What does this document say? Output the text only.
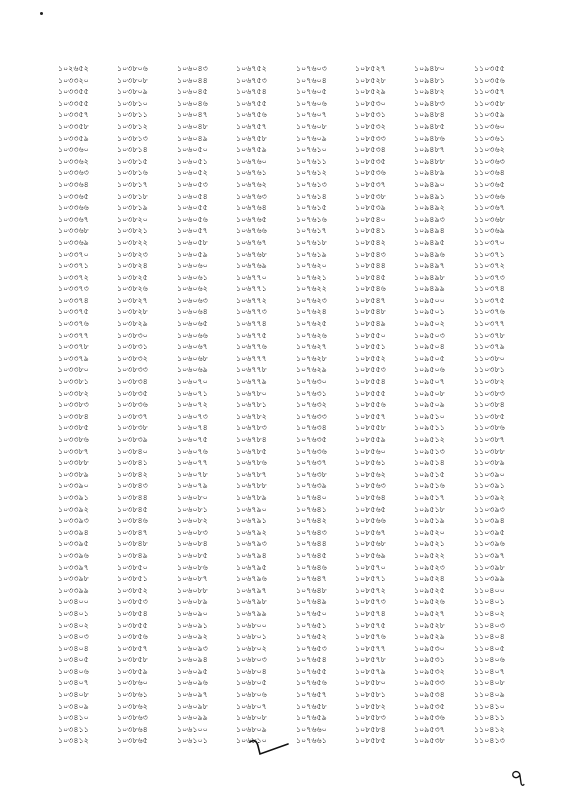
১০২৬৫২
১০৩৩২০
১০৩৩৫৫
১০৩৩৫৫
১০৩৩৫৭
১০৩৩৫৮
১০৩৩৫৯
১০৩৩৬০
১০৩৩৬২
১০৩৩৬৩
১০৩৩৬৪
১০৩৩৬৫
১০৩৩৬৬
১০৩৩৬৭
১০৩৩৬৮
১০৩৩৬৯
১০৩৩৭০
১০৩৩৭১
১০৩৩৭২
১০৩৩৭৩
১০৩৩৭৪
১০৩৩৭৫
১০৩৩৭৬
১০৩৩৭৭
১০৩৩৭৮
১০৩৩৭৯
১০৩৩৮০
১০৩৩৮১
১০৩৩৮২
১০৩৩৮৩
১০৩৩৮৪
১০৩৩৮৫
১০৩৩৮৬
১০৩৩৮৭
১০৩৩৮৮
১০৩৩৮৯
১০৩৩৯০
১০৩৩৯১
১০৩৩৯২
১০৩৩৯৩
১০৩৩৯৪
১০৩৩৯৫
১০৩৩৯৬
১০৩৩৯৭
১০৩৩৯৮
১০৩৩৯৯
১০৩৪০০
১০৩৪০১
১০৩৪০২
১০৩৪০৩
১০৩৪০৪
১০৩৪০৫
১০৩৪০৬
১০৩৪০৭
১০৩৪০৮
১০৩৪০৯
১০৩৪১০
১০৩৪১১
১০৩৪১২
১০৩৮০৬
১০৩৮০৮
১০৩৮০৯
১০৩৮১০
১০৩৮১১
১০৩৮১২
১০৩৮১৩
১০৩৮১৪
১০৩৮১৫
১০৩৮১৬
১০৩৮১৭
১০৩৮১৮
১০৩৮১৯
১০৩৮২০
১০৩৮২১
১০৩৮২২
১০৩৮২৩
১০৩৮২৪
১০৩৮২৫
১০৩৮২৬
১০৩৮২৭
১০৩৮২৮
১০৩৮২৯
১০৩৮৩০
১০৩৮৩১
১০৩৮৩২
১০৩৮৩৩
১০৩৮৩৪
১০৩৮৩৫
১০৩৮৩৬
১০৩৮৩৭
১০৩৮৩৮
১০৩৮৩৯
১০৩৮৪০
১০৩৮৪১
১০৩৮৪২
১০৩৮৪৩
১০৩৮৪৪
১০৩৮৪৫
১০৩৮৪৬
১০৩৮৪৭
১০৩৮৪৮
১০৩৮৪৯
১০৩৮৫০
১০৩৮৫১
১০৩৮৫২
১০৩৮৫৩
১০৩৮৫৪
১০৩৮৫৫
১০৩৮৫৬
১০৩৮৫৭
১০৩৮৫৮
১০৩৮৫৯
১০৩৮৬০
১০৩৮৬১
১০৩৮৬২
১০৩৮৬৩
১০৩৮৬৪
১০৩৮৬৫
১০৬০৪৩
১০৬০৪৪
১০৬০৪৫
১০৬০৪৬
১০৬০৪৭
১০৬০৪৮
১০৬০৪৯
১০৬০৫০
১০৬০৫১
১০৬০৫২
১০৬০৫৩
১০৬০৫৪
১০৬০৫৫
১০৬০৫৬
১০৬০৫৭
১০৬০৫৮
১০৬০৫৯
১০৬০৬০
১০৬০৬১
১০৬০৬২
১০৬০৬৩
১০৬০৬৪
১০৬০৬৫
১০৬০৬৬
১০৬০৬৭
১০৬০৬৮
১০৬০৬৯
১০৬০৭০
১০৬০৭১
১০৬০৭২
১০৬০৭৩
১০৬০৭৪
১০৬০৭৫
১০৬০৭৬
১০৬০৭৭
১০৬০৭৮
১০৬০৭৯
১০৬০৮০
১০৬০৮১
১০৬০৮২
১০৬০৮৩
১০৬০৮৪
১০৬০৮৫
১০৬০৮৬
১০৬০৮৭
১০৬০৮৮
১০৬০৮৯
১০৬০৯০
১০৬০৯১
১০৬০৯২
১০৬০৯৩
১০৬০৯৪
১০৬০৯৫
১০৬০৯৬
১০৬০৯৭
১০৬০৯৮
১০৬০৯৯
১০৬১০০
১০৬১০১
১০৬৭৫২
১০৬৭৫৩
১০৬৭৫৪
১০৬৭৫৫
১০৬৭৫৬
১০৬৭৫৭
১০৬৭৫৮
১০৬৭৫৯
১০৬৭৬০
১০৬৭৬১
১০৬৭৬২
১০৬৭৬৩
১০৬৭৬৪
১০৬৭৬৫
১০৬৭৬৬
১০৬৭৬৭
১০৬৭৬৮
১০৬৭৬৯
১০৬৭৭০
১০৬৭৭১
১০৬৭৭২
১০৬৭৭৩
১০৬৭৭৪
১০৬৭৭৫
১০৬৭৭৬
১০৬৭৭৭
১০৬৭৭৮
১০৬৭৭৯
১০৬৭৮০
১০৬৭৮১
১০৬৭৮২
১০৬৭৮৩
১০৬৭৮৪
১০৬৭৮৫
১০৬৭৮৬
১০৬৭৮৭
১০৬৭৮৮
১০৬৭৮৯
১০৬৭৯০
১০৬৭৯১
১০৬৭৯২
১০৬৭৯৩
১০৬৭৯৪
১০৬৭৯৫
১০৬৭৯৬
১০৬৭৯৭
১০৬৭৯৮
১০৬৭৯৯
১০৬৮০০
১০৬৮০১
১০৬৮০২
১০৬৮০৩
১০৬৮০৪
১০৬৮০৫
১০৬৮০৬
১০৬৮০৭
১০৬৮০৮
১০৬৮০৯
১০৬৮১০
১০৭৬০৩
১০৭৬০৪
১০৭৬০৫
১০৭৬০৬
১০৭৬০৭
১০৭৬০৮
১০৭৬০৯
১০৭৬১০
১০৭৬১১
১০৭৬১২
১০৭৬১৩
১০৭৬১৪
১০৭৬১৫
১০৭৬১৬
১০৭৬১৭
১০৭৬১৮
১০৭৬১৯
১০৭৬২০
১০৭৬২১
১০৭৬২২
১০৭৬২৩
১০৭৬২৪
১০৭৬২৫
১০৭৬২৬
১০৭৬২৭
১০৭৬২৮
১০৭৬২৯
১০৭৬৩০
১০৭৬৩১
১০৭৬৩২
১০৭৬৩৩
১০৭৬৩৪
১০৭৬৩৫
১০৭৬৩৬
১০৭৬৩৭
১০৭৬৩৮
১০৭৬৩৯
১০৭৬৪০
১০৭৬৪১
১০৭৬৪২
১০৭৬৪৩
১০৭৬৪৪
১০৭৬৪৫
১০৭৬৪৬
১০৭৬৪৭
১০৭৬৪৮
১০৭৬৪৯
১০৭৬৫০
১০৭৬৫১
১০৭৬৫২
১০৭৬৫৩
১০৭৬৫৪
১০৭৬৫৫
১০৭৬৫৬
১০৭৬৫৭
১০৭৬৫৮
১০৭৬৫৯
১০৭৬৬০
১০৭৬৬১
১০৮৫২৭
১০৮৫২৮
১০৮৫২৯
১০৮৫৩০
১০৮৫৩১
১০৮৫৩২
১০৮৫৩৩
১০৮৫৩৪
১০৮৫৩৫
১০৮৫৩৬
১০৮৫৩৭
১০৮৫৩৮
১০৮৫৩৯
১০৮৫৪০
১০৮৫৪১
১০৮৫৪২
১০৮৫৪৩
১০৮৫৪৪
১০৮৫৪৫
১০৮৫৪৬
১০৮৫৪৭
১০৮৫৪৮
১০৮৫৪৯
১০৮৫৫০
১০৮৫৫১
১০৮৫৫২
১০৮৫৫৩
১০৮৫৫৪
১০৮৫৫৫
১০৮৫৫৬
১০৮৫৫৭
১০৮৫৫৮
১০৮৫৫৯
১০৮৫৬০
১০৮৫৬১
১০৮৫৬২
১০৮৫৬৩
১০৮৫৬৪
১০৮৫৬৫
১০৮৫৬৬
১০৮৫৬৭
১০৮৫৬৮
১০৮৫৬৯
১০৮৫৭০
১০৮৫৭১
১০৮৫৭২
১০৮৫৭৩
১০৮৫৭৪
১০৮৫৭৫
১০৮৫৭৬
১০৮৫৭৭
১০৮৫৭৮
১০৮৫৭৯
১০৮৫৮০
১০৮৫৮১
১০৮৫৮২
১০৮৫৮৩
১০৮৫৮৪
১০৮৫৮৫
১০৯৪৮০
১০৯৪৮১
১০৯৪৮২
১০৯৪৮৩
১০৯৪৮৪
১০৯৪৮৫
১০৯৪৮৬
১০৯৪৮৭
১০৯৪৮৮
১০৯৪৮৯
১০৯৪৯০
১০৯৪৯১
১০৯৪৯২
১০৯৪৯৩
১০৯৪৯৪
১০৯৪৯৫
১০৯৪৯৬
১০৯৪৯৭
১০৯৪৯৮
১০৯৪৯৯
১০৯৫০০
১০৯৫০১
১০৯৫০২
১০৯৫০৩
১০৯৫০৪
১০৯৫০৫
১০৯৫০৬
১০৯৫০৭
১০৯৫০৮
১০৯৫০৯
১০৯৫১০
১০৯৫১১
১০৯৫১২
১০৯৫১৩
১০৯৫১৪
১০৯৫১৫
১০৯৫১৬
১০৯৫১৭
১০৯৫১৮
১০৯৫১৯
১০৯৫২০
১০৯৫২১
১০৯৫২২
১০৯৫২৩
১০৯৫২৪
১০৯৫২৫
১০৯৫২৬
১০৯৫২৭
১০৯৫২৮
১০৯৫২৯
১০৯৫৩০
১০৯৫৩১
১০৯৫৩২
১০৯৫৩৩
১০৯৫৩৪
১০৯৫৩৫
১০৯৫৩৬
১০৯৫৩৭
১০৯৫৩৮
১১০৩৫৫
১১০৩৫৬
১১০৩৫৭
১১০৩৫৮
১১০৩৫৯
১১০৩৬০
১১০৩৬১
১১০৩৬২
১১০৩৬৩
১১০৩৬৪
১১০৩৬৫
১১০৩৬৬
১১০৩৬৭
১১০৩৬৮
১১০৩৬৯
১১০৩৭০
১১০৩৭১
১১০৩৭২
১১০৩৭৩
১১০৩৭৪
১১০৩৭৫
১১০৩৭৬
১১০৩৭৭
১১০৩৭৮
১১০৩৭৯
১১০৩৮০
১১০৩৮১
১১০৩৮২
১১০৩৮৩
১১০৩৮৪
১১০৩৮৫
১১০৩৮৬
১১০৩৮৭
১১০৩৮৮
১১০৩৮৯
১১০৩৯০
১১০৩৯১
১১০৩৯২
১১০৩৯৩
১১০৩৯৪
১১০৩৯৫
১১০৩৯৬
১১০৩৯৭
১১০৩৯৮
১১০৩৯৯
১১০৪০০
১১০৪০১
১১০৪০২
১১০৪০৩
১১০৪০৪
১১০৪০৫
১১০৪০৬
১১০৪০৭
১১০৪০৮
১১০৪০৯
১১০৪১০
১১০৪১১
১১০৪১২
১১০৪১৩
৭
